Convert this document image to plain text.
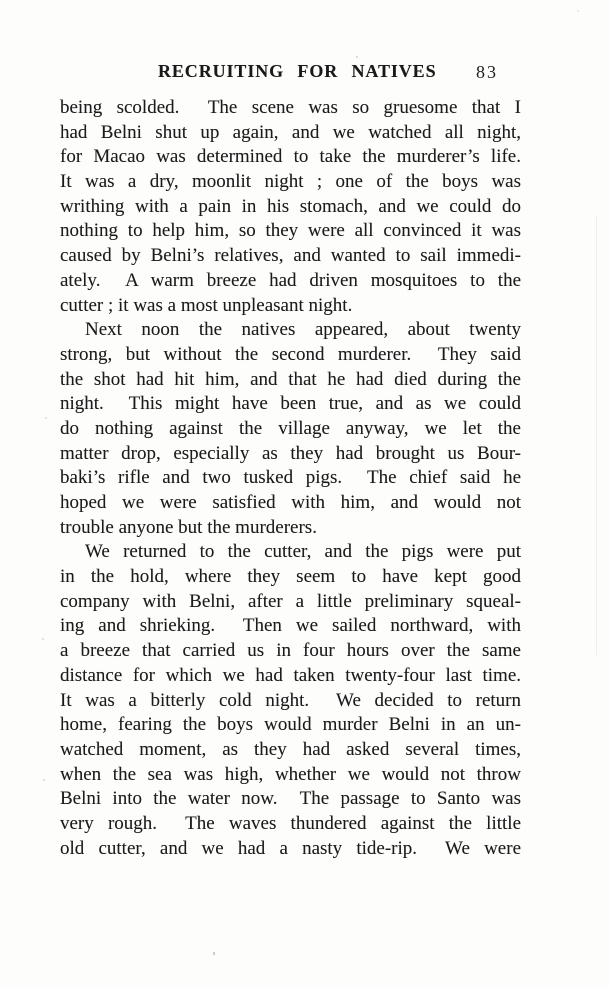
RECRUITING FOR NATIVES 83
being scolded.  The scene was so gruesome that I
had Belni shut up again, and we watched all night,
for Macao was determined to take the murderer’s life.
It was a dry, moonlit night ; one of the boys was
writhing with a pain in his stomach, and we could do
nothing to help him, so they were all convinced it was
caused by Belni’s relatives, and wanted to sail immedi-
ately.  A warm breeze had driven mosquitoes to the
cutter ; it was a most unpleasant night.
Next noon the natives appeared, about twenty
strong, but without the second murderer.  They said
the shot had hit him, and that he had died during the
night.  This might have been true, and as we could
do nothing against the village anyway, we let the
matter drop, especially as they had brought us Bour-
baki’s rifle and two tusked pigs.  The chief said he
hoped we were satisfied with him, and would not
trouble anyone but the murderers.
We returned to the cutter, and the pigs were put
in the hold, where they seem to have kept good
company with Belni, after a little preliminary squeal-
ing and shrieking.  Then we sailed northward, with
a breeze that carried us in four hours over the same
distance for which we had taken twenty-four last time.
It was a bitterly cold night.  We decided to return
home, fearing the boys would murder Belni in an un-
watched moment, as they had asked several times,
when the sea was high, whether we would not throw
Belni into the water now.  The passage to Santo was
very rough.  The waves thundered against the little
old cutter, and we had a nasty tide-rip.  We were
